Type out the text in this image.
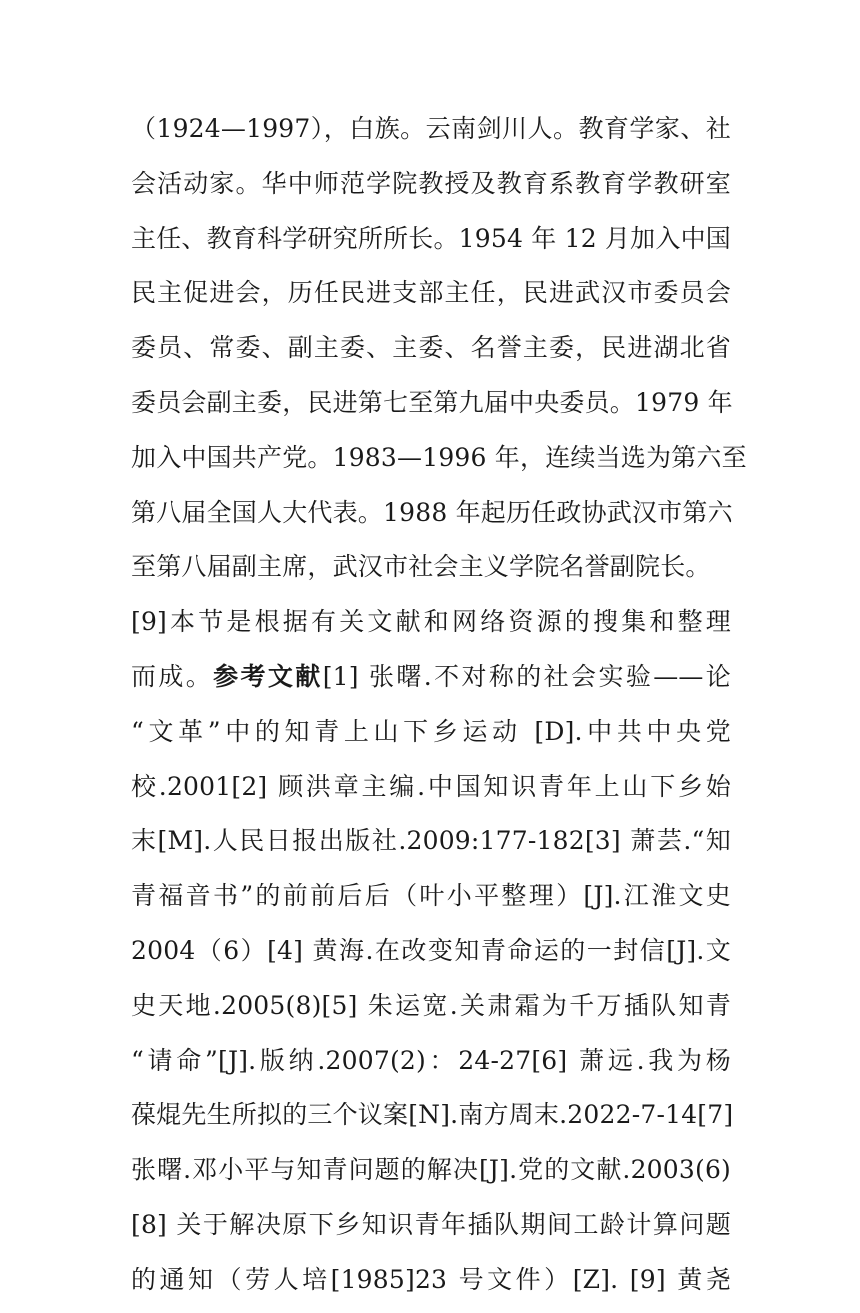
（1924—1997），白族。云南剑川人。教育学家、社
会活动家。华中师范学院教授及教育系教育学教研室
主任、教育科学研究所所长。1954 年 12 月加入中国
民主促进会，历任民进支部主任，民进武汉市委员会
委员、常委、副主委、主委、名誉主委，民进湖北省
委员会副主委，民进第七至第九届中央委员。1979 年
加入中国共产党。1983—1996 年，连续当选为第六至
第八届全国人大代表。1988 年起历任政协武汉市第六
至第八届副主席，武汉市社会主义学院名誉副院长。
[9]本节是根据有关文献和网络资源的搜集和整理
而成。参考文献[1] 张曙.不对称的社会实验——论
“文革”中的知青上山下乡运动 [D].中共中央党
校.2001[2] 顾洪章主编.中国知识青年上山下乡始
末[M].人民日报出版社.2009:177-182[3] 萧芸.“知
青福音书”的前前后后（叶小平整理）[J].江淮文史
2004（6）[4] 黄海.在改变知青命运的一封信[J].文
史天地.2005(8)[5] 朱运宽.关肃霜为千万插队知青
“请命”[J].版纳.2007(2)：24-27[6] 萧远.我为杨
葆焜先生所拟的三个议案[N].南方周末.2022-7-14[7]
张曙.邓小平与知青问题的解决[J].党的文献.2003(6)
[8] 关于解决原下乡知识青年插队期间工龄计算问题
的通知（劳人培[1985]23 号文件）[Z]. [9] 黄尧
